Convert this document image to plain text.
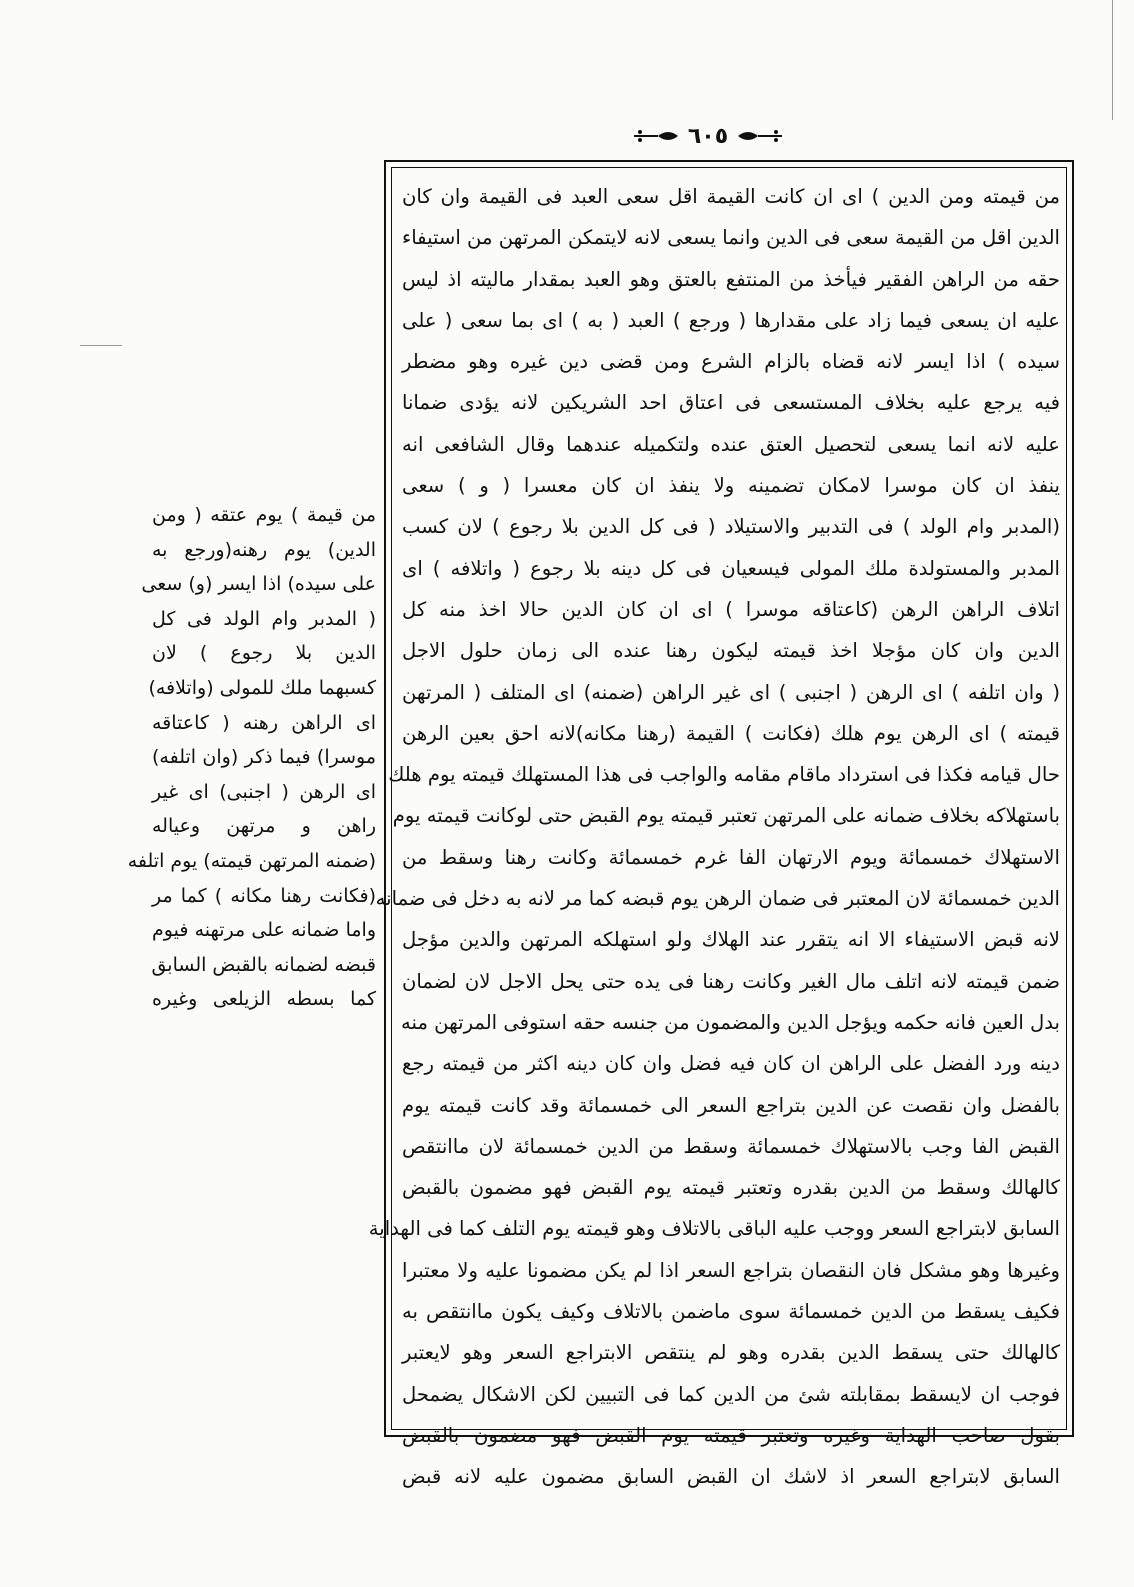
٦٠٥
من قيمته ومن الدين ) اى ان كانت القيمة اقل سعى العبد فى القيمة وان كان
الدين اقل من القيمة سعى فى الدين وانما يسعى لانه لايتمكن المرتهن من استيفاء
حقه من الراهن الفقير فيأخذ من المنتفع بالعتق وهو العبد بمقدار ماليته اذ ليس
عليه ان يسعى فيما زاد على مقدارها ( ورجع ) العبد ( به ) اى بما سعى ( على
سيده ) اذا ايسر لانه قضاه بالزام الشرع ومن قضى دين غيره وهو مضطر
فيه يرجع عليه بخلاف المستسعى فى اعتاق احد الشريكين لانه يؤدى ضمانا
عليه لانه انما يسعى لتحصيل العتق عنده ولتكميله عندهما وقال الشافعى انه
ينفذ ان كان موسرا لامكان تضمينه ولا ينفذ ان كان معسرا ( و ) سعى
(المدبر وام الولد ) فى التدبير والاستيلاد ( فى كل الدين بلا رجوع ) لان كسب
المدبر والمستولدة ملك المولى فيسعيان فى كل دينه بلا رجوع ( واتلافه ) اى
اتلاف الراهن الرهن (كاعتاقه موسرا ) اى ان كان الدين حالا اخذ منه كل
الدين وان كان مؤجلا اخذ قيمته ليكون رهنا عنده الى زمان حلول الاجل
( وان اتلفه ) اى الرهن ( اجنبى ) اى غير الراهن (ضمنه) اى المتلف ( المرتهن
قيمته ) اى الرهن يوم هلك (فكانت ) القيمة (رهنا مكانه)لانه احق بعين الرهن
حال قيامه فكذا فى استرداد ماقام مقامه والواجب فى هذا المستهلك قيمته يوم هلك
باستهلاكه بخلاف ضمانه على المرتهن تعتبر قيمته يوم القبض حتى لوكانت قيمته يوم
الاستهلاك خمسمائة ويوم الارتهان الفا غرم خمسمائة وكانت رهنا وسقط من
الدين خمسمائة لان المعتبر فى ضمان الرهن يوم قبضه كما مر لانه به دخل فى ضمانه
لانه قبض الاستيفاء الا انه يتقرر عند الهلاك ولو استهلكه المرتهن والدين مؤجل
ضمن قيمته لانه اتلف مال الغير وكانت رهنا فى يده حتى يحل الاجل لان لضمان
بدل العين فانه حكمه ويؤجل الدين والمضمون من جنسه حقه استوفى المرتهن منه
دينه ورد الفضل على الراهن ان كان فيه فضل وان كان دينه اكثر من قيمته رجع
بالفضل وان نقصت عن الدين بتراجع السعر الى خمسمائة وقد كانت قيمته يوم
القبض الفا وجب بالاستهلاك خمسمائة وسقط من الدين خمسمائة لان ماانتقص
كالهالك وسقط من الدين بقدره وتعتبر قيمته يوم القبض فهو مضمون بالقبض
السابق لابتراجع السعر ووجب عليه الباقى بالاتلاف وهو قيمته يوم التلف كما فى الهداية
وغيرها وهو مشكل فان النقصان بتراجع السعر اذا لم يكن مضمونا عليه ولا معتبرا
فكيف يسقط من الدين خمسمائة سوى ماضمن بالاتلاف وكيف يكون ماانتقص به
كالهالك حتى يسقط الدين بقدره وهو لم ينتقص الابتراجع السعر وهو لايعتبر
فوجب ان لايسقط بمقابلته شئ من الدين كما فى التبيين لكن الاشكال يضمحل
بقول صاحب الهداية وغيره وتعتبر قيمته يوم القبض فهو مضمون بالقبض
السابق لابتراجع السعر اذ لاشك ان القبض السابق مضمون عليه لانه قبض
من قيمة ) يوم عتقه ( ومن
الدين) يوم رهنه(ورجع به
على سيده) اذا ايسر (و) سعى
( المدبر وام الولد فى كل
الدين بلا رجوع ) لان
كسبهما ملك للمولى (واتلافه)
اى الراهن رهنه ( كاعتاقه
موسرا) فيما ذكر (وان اتلفه)
اى الرهن ( اجنبى) اى غير
راهن و مرتهن وعياله
(ضمنه المرتهن قيمته) يوم اتلفه
(فكانت رهنا مكانه ) كما مر
واما ضمانه على مرتهنه فيوم
قبضه لضمانه بالقبض السابق
كما بسطه الزيلعى وغيره
